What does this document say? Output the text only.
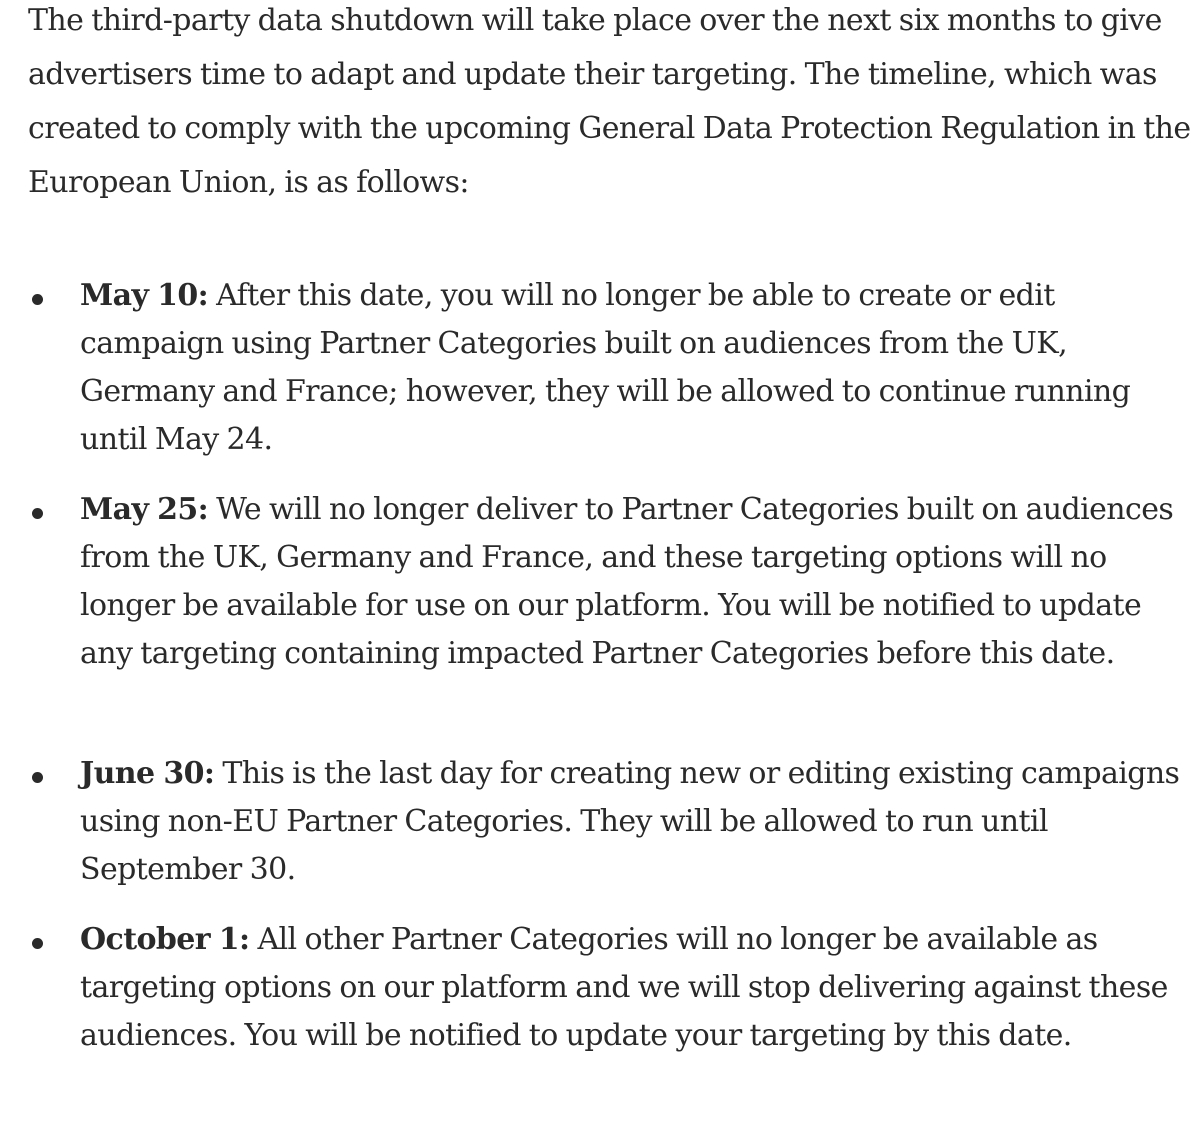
The third-party data shutdown will take place over the next six months to give advertisers time to adapt and update their targeting. The timeline, which was created to comply with the upcoming General Data Protection Regulation in the European Union, is as follows:

May 10: After this date, you will no longer be able to create or edit campaign using Partner Categories built on audiences from the UK, Germany and France; however, they will be allowed to continue running until May 24.
May 25: We will no longer deliver to Partner Categories built on audiences from the UK, Germany and France, and these targeting options will no longer be available for use on our platform. You will be notified to update any targeting containing impacted Partner Categories before this date.
June 30: This is the last day for creating new or editing existing campaigns using non-EU Partner Categories. They will be allowed to run until September 30.
October 1: All other Partner Categories will no longer be available as targeting options on our platform and we will stop delivering against these audiences. You will be notified to update your targeting by this date.
